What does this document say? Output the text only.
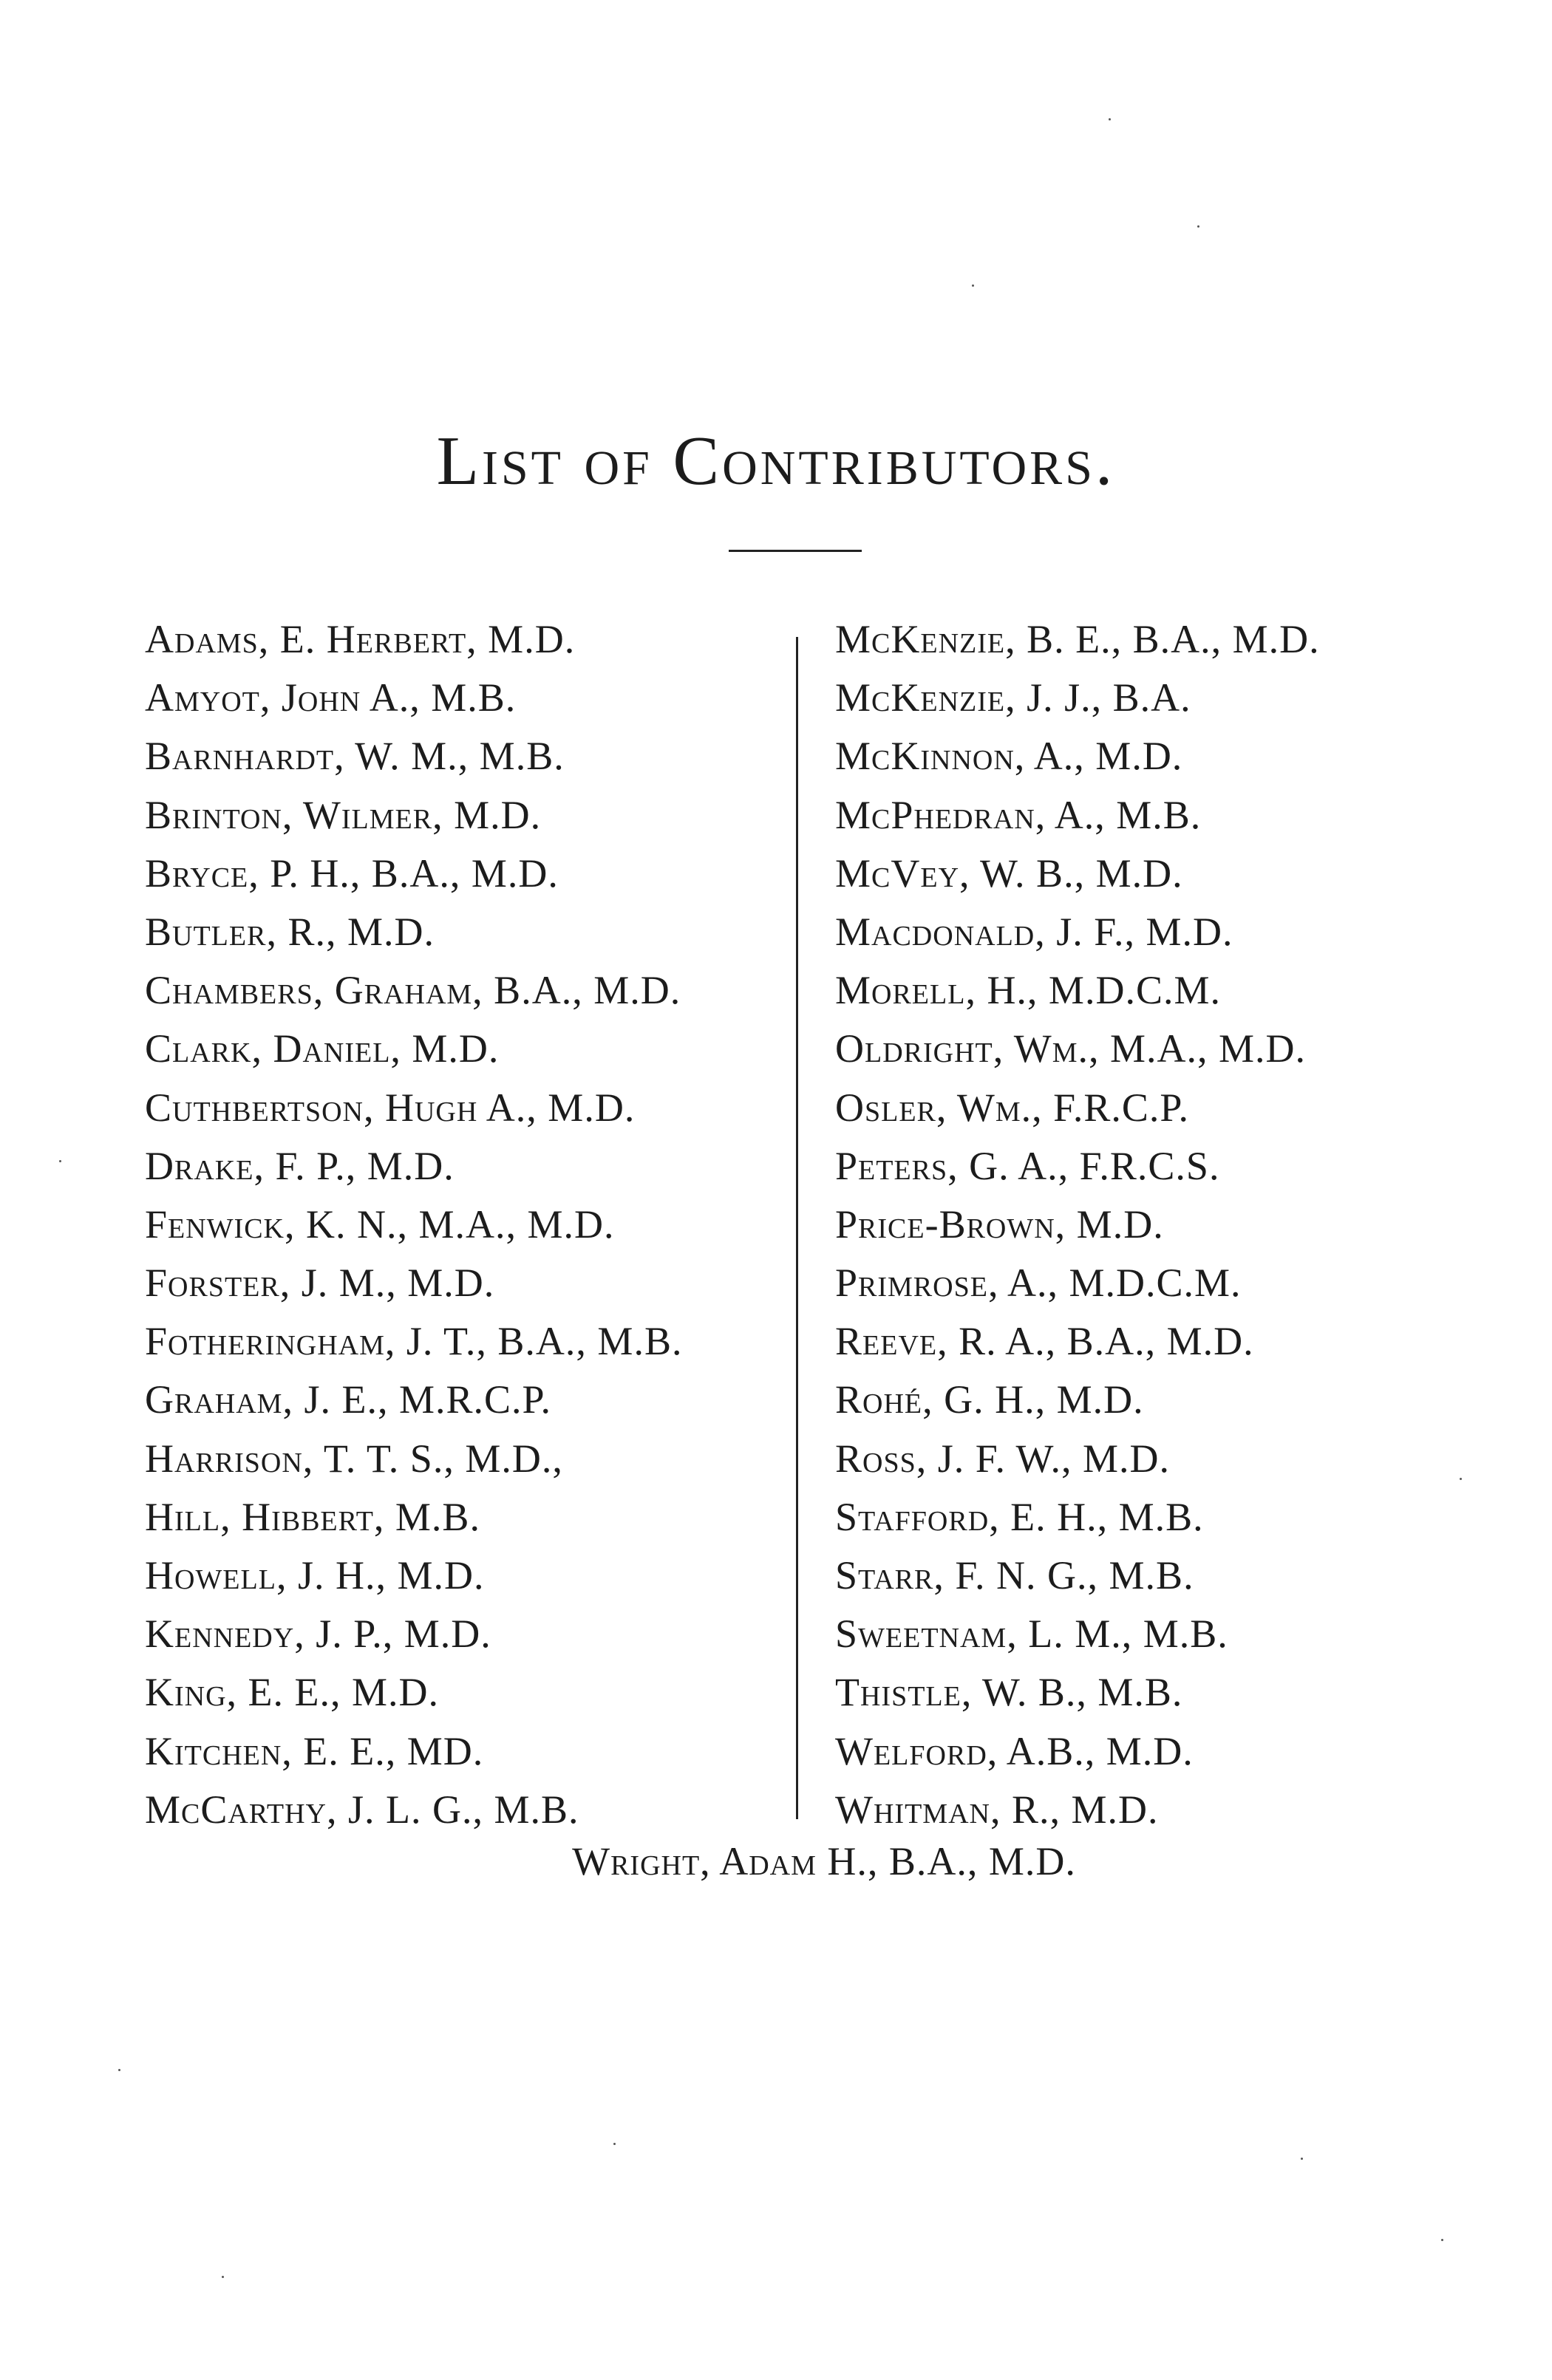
List of Contributors.
Adams, E. Herbert, M.D.
Amyot, John A., M.B.
Barnhardt, W. M., M.B.
Brinton, Wilmer, M.D.
Bryce, P. H., B.A., M.D.
Butler, R., M.D.
Chambers, Graham, B.A., M.D.
Clark, Daniel, M.D.
Cuthbertson, Hugh A., M.D.
Drake, F. P., M.D.
Fenwick, K. N., M.A., M.D.
Forster, J. M., M.D.
Fotheringham, J. T., B.A., M.B.
Graham, J. E., M.R.C.P.
Harrison, T. T. S., M.D.,
Hill, Hibbert, M.B.
Howell, J. H., M.D.
Kennedy, J. P., M.D.
King, E. E., M.D.
Kitchen, E. E., MD.
McCarthy, J. L. G., M.B.
McKenzie, B. E., B.A., M.D.
McKenzie, J. J., B.A.
McKinnon, A., M.D.
McPhedran, A., M.B.
McVey, W. B., M.D.
Macdonald, J. F., M.D.
Morell, H., M.D.C.M.
Oldright, Wm., M.A., M.D.
Osler, Wm., F.R.C.P.
Peters, G. A., F.R.C.S.
Price-Brown, M.D.
Primrose, A., M.D.C.M.
Reeve, R. A., B.A., M.D.
Rohé, G. H., M.D.
Ross, J. F. W., M.D.
Stafford, E. H., M.B.
Starr, F. N. G., M.B.
Sweetnam, L. M., M.B.
Thistle, W. B., M.B.
Welford, A.B., M.D.
Whitman, R., M.D.
Wright, Adam H., B.A., M.D.
